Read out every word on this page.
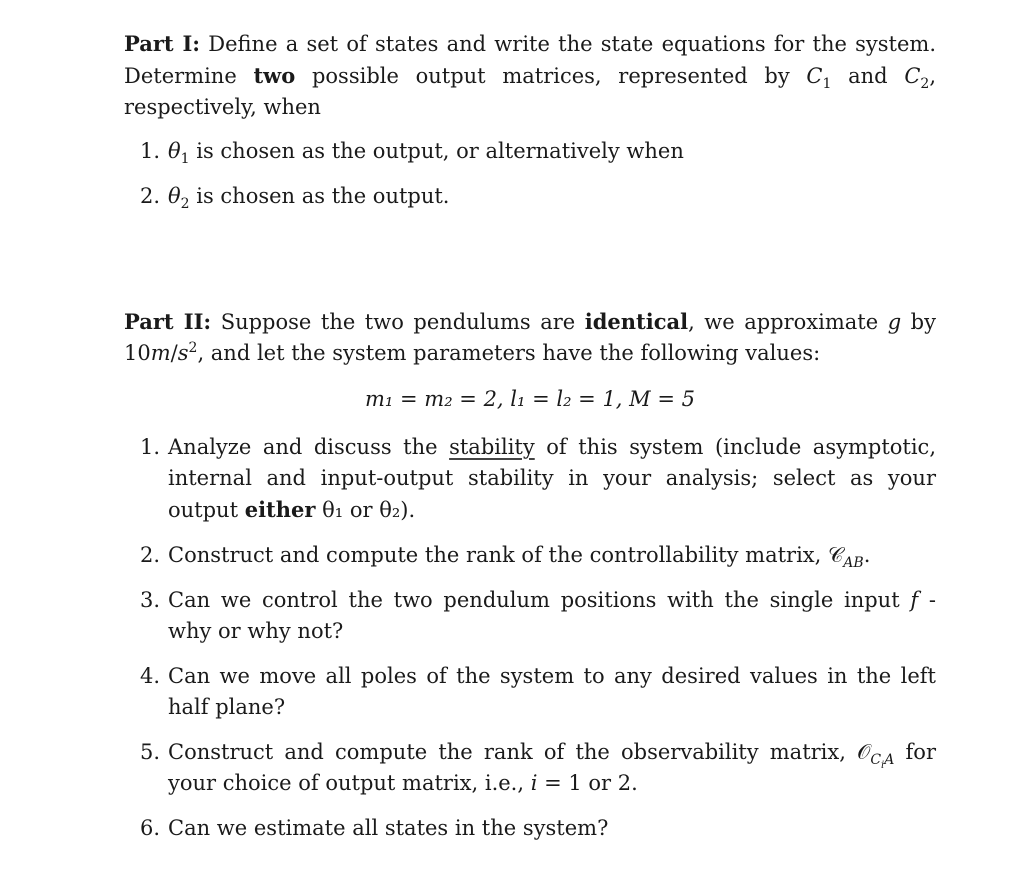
Part I: Define a set of states and write the state equations for the system. Determine two possible output matrices, represented by $C_1$ and $C_2$, respectively, when

1. $\theta_1$ is chosen as the output, or alternatively when
2. $\theta_2$ is chosen as the output.

Part II: Suppose the two pendulums are identical, we approximate g by $10m/s^2$, and let the system parameters have the following values:

m₁ = m₂ = 2, l₁ = l₂ = 1, M = 5
1. Analyze and discuss the stability of this system (include asymptotic, internal and input-output stability in your analysis; select as your output either θ₁ or θ₂).
2. Construct and compute the rank of the controllability matrix, 𝒞$_{AB}$.
3. Can we control the two pendulum positions with the single input f - why or why not?
4. Can we move all poles of the system to any desired values in the left half plane?
5. Construct and compute the rank of the observability matrix, 𝒪$_{C_iA}$ for your choice of output matrix, i.e., i = 1 or 2.
6. Can we estimate all states in the system?
